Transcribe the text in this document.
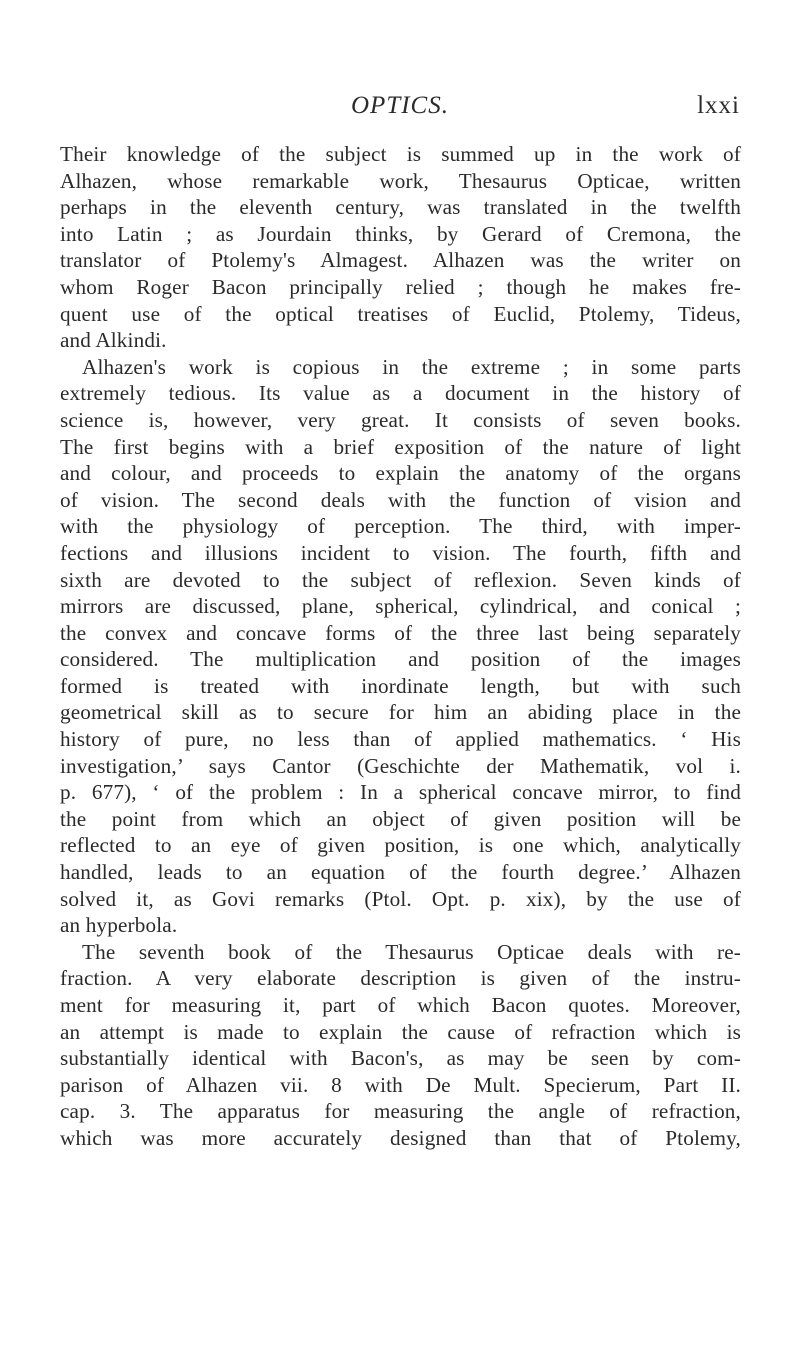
OPTICS.	lxxi
Their knowledge of the subject is summed up in the work of
Alhazen, whose remarkable work, Thesaurus Opticae, written
perhaps in the eleventh century, was translated in the twelfth
into Latin ; as Jourdain thinks, by Gerard of Cremona, the
translator of Ptolemy's Almagest. Alhazen was the writer on
whom Roger Bacon principally relied ; though he makes fre-
quent use of the optical treatises of Euclid, Ptolemy, Tideus,
and Alkindi.
Alhazen's work is copious in the extreme ; in some parts
extremely tedious. Its value as a document in the history of
science is, however, very great. It consists of seven books.
The first begins with a brief exposition of the nature of light
and colour, and proceeds to explain the anatomy of the organs
of vision. The second deals with the function of vision and
with the physiology of perception. The third, with imper-
fections and illusions incident to vision. The fourth, fifth and
sixth are devoted to the subject of reflexion. Seven kinds of
mirrors are discussed, plane, spherical, cylindrical, and conical ;
the convex and concave forms of the three last being separately
considered. The multiplication and position of the images
formed is treated with inordinate length, but with such
geometrical skill as to secure for him an abiding place in the
history of pure, no less than of applied mathematics. ‘ His
investigation,’ says Cantor (Geschichte der Mathematik, vol i.
p. 677), ‘ of the problem : In a spherical concave mirror, to find
the point from which an object of given position will be
reflected to an eye of given position, is one which, analytically
handled, leads to an equation of the fourth degree.’ Alhazen
solved it, as Govi remarks (Ptol. Opt. p. xix), by the use of
an hyperbola.
The seventh book of the Thesaurus Opticae deals with re-
fraction. A very elaborate description is given of the instru-
ment for measuring it, part of which Bacon quotes. Moreover,
an attempt is made to explain the cause of refraction which is
substantially identical with Bacon's, as may be seen by com-
parison of Alhazen vii. 8 with De Mult. Specierum, Part II.
cap. 3. The apparatus for measuring the angle of refraction,
which was more accurately designed than that of Ptolemy,
